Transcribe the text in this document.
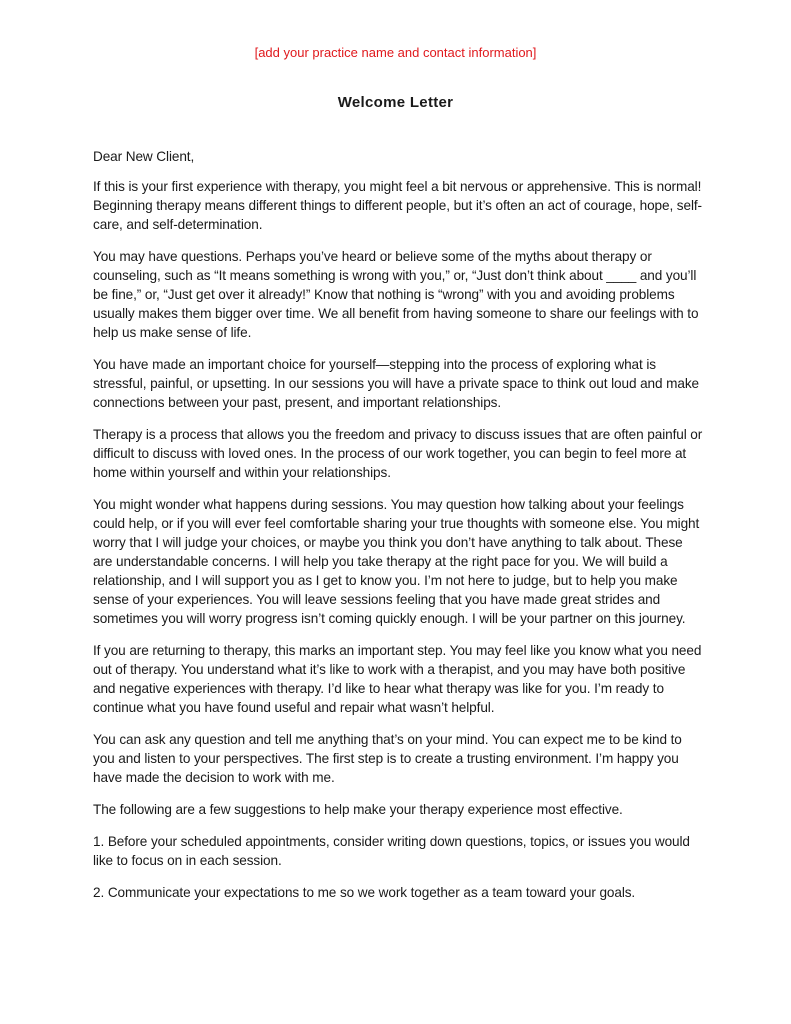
[add your practice name and contact information]
Welcome Letter

Dear New Client,

If this is your first experience with therapy, you might feel a bit nervous or apprehensive. This is normal! Beginning therapy means different things to different people, but it’s often an act of courage, hope, self-care, and self-determination.

You may have questions. Perhaps you’ve heard or believe some of the myths about therapy or counseling, such as “It means something is wrong with you,” or, “Just don’t think about ____ and you’ll be fine,” or, “Just get over it already!” Know that nothing is “wrong” with you and avoiding problems usually makes them bigger over time. We all benefit from having someone to share our feelings with to help us make sense of life.

You have made an important choice for yourself—stepping into the process of exploring what is stressful, painful, or upsetting. In our sessions you will have a private space to think out loud and make connections between your past, present, and important relationships.

Therapy is a process that allows you the freedom and privacy to discuss issues that are often painful or difficult to discuss with loved ones. In the process of our work together, you can begin to feel more at home within yourself and within your relationships.

You might wonder what happens during sessions. You may question how talking about your feelings could help, or if you will ever feel comfortable sharing your true thoughts with someone else. You might worry that I will judge your choices, or maybe you think you don’t have anything to talk about. These are understandable concerns. I will help you take therapy at the right pace for you. We will build a relationship, and I will support you as I get to know you. I’m not here to judge, but to help you make sense of your experiences. You will leave sessions feeling that you have made great strides and sometimes you will worry progress isn’t coming quickly enough. I will be your partner on this journey.

If you are returning to therapy, this marks an important step. You may feel like you know what you need out of therapy. You understand what it’s like to work with a therapist, and you may have both positive and negative experiences with therapy. I’d like to hear what therapy was like for you. I’m ready to continue what you have found useful and repair what wasn’t helpful.

You can ask any question and tell me anything that’s on your mind. You can expect me to be kind to you and listen to your perspectives. The first step is to create a trusting environment. I’m happy you have made the decision to work with me.

The following are a few suggestions to help make your therapy experience most effective.

1. Before your scheduled appointments, consider writing down questions, topics, or issues you would like to focus on in each session.

2. Communicate your expectations to me so we work together as a team toward your goals.
